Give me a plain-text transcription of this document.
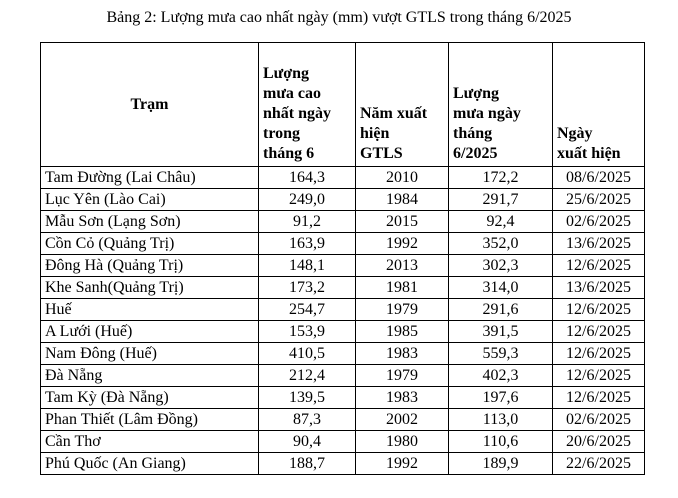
Bảng 2: Lượng mưa cao nhất ngày (mm) vượt GTLS trong tháng 6/2025
Trạm	Lượng
mưa cao
nhất ngày
trong
tháng 6	Năm xuất
hiện
GTLS	Lượng
mưa ngày
tháng
6/2025	Ngày
xuất hiện

Tam Đường (Lai Châu)	164,3	2010	172,2	08/6/2025
Lục Yên (Lào Cai)	249,0	1984	291,7	25/6/2025
Mẫu Sơn (Lạng Sơn)	91,2	2015	92,4	02/6/2025
Cồn Cỏ (Quảng Trị)	163,9	1992	352,0	13/6/2025
Đông Hà (Quảng Trị)	148,1	2013	302,3	12/6/2025
Khe Sanh(Quảng Trị)	173,2	1981	314,0	13/6/2025
Huế	254,7	1979	291,6	12/6/2025
A Lưới (Huế)	153,9	1985	391,5	12/6/2025
Nam Đông (Huế)	410,5	1983	559,3	12/6/2025
Đà Nẵng	212,4	1979	402,3	12/6/2025
Tam Kỳ (Đà Nẵng)	139,5	1983	197,6	12/6/2025
Phan Thiết (Lâm Đồng)	87,3	2002	113,0	02/6/2025
Cần Thơ	90,4	1980	110,6	20/6/2025
Phú Quốc (An Giang)	188,7	1992	189,9	22/6/2025
